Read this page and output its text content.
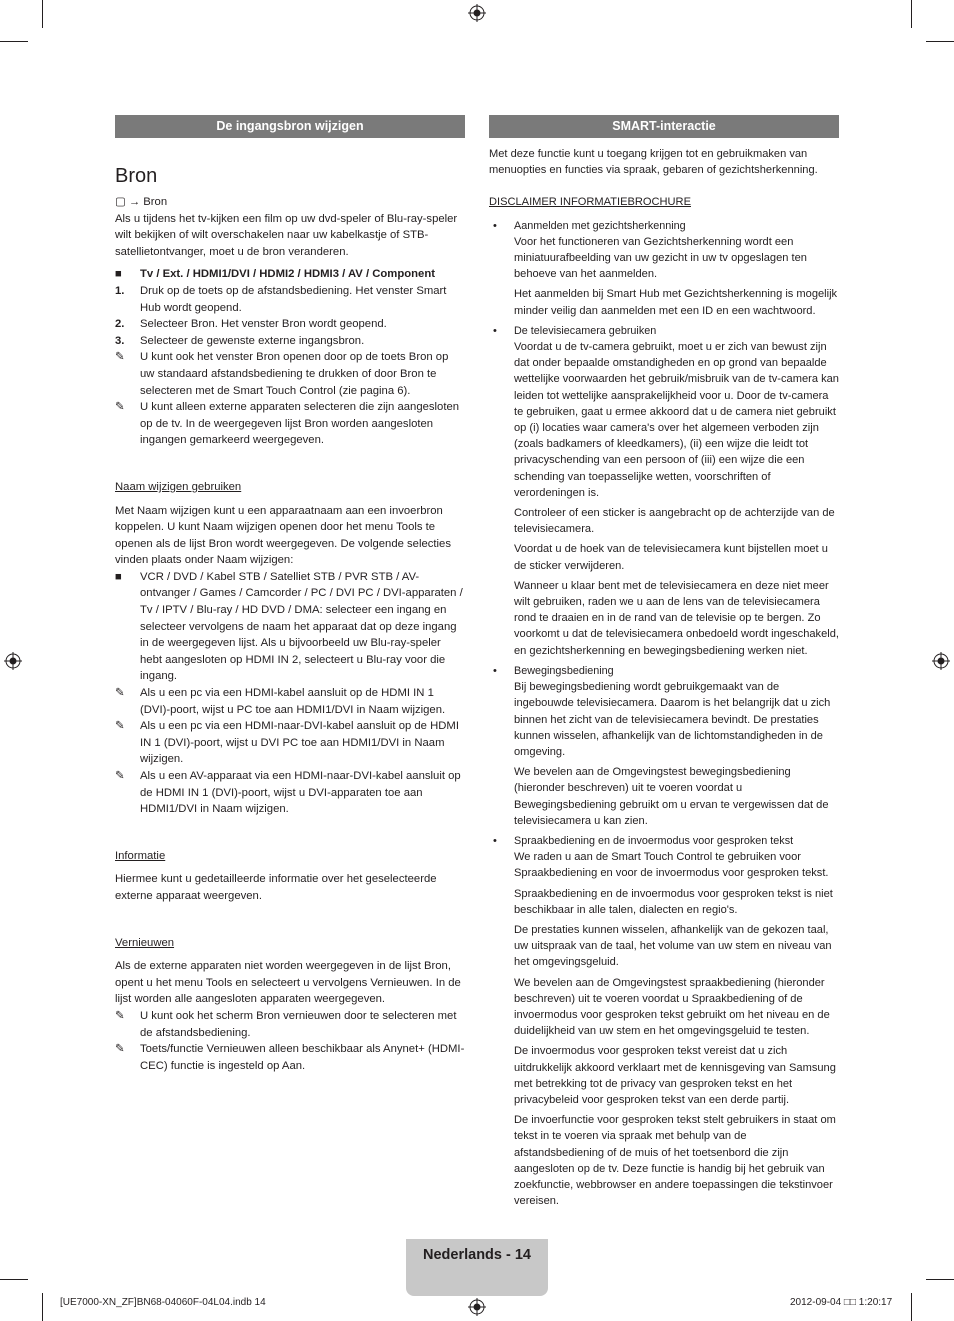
De ingangsbron wijzigen
Bron

▢ → Bron

Als u tijdens het tv-kijken een film op uw dvd-speler of Blu-ray-speler wilt bekijken of wilt overschakelen naar uw kabelkastje of STB-satellietontvanger, moet u de bron veranderen.

■	Tv / Ext. / HDMI1/DVI / HDMI2 / HDMI3 / AV / Component
1.	Druk op de toets op de afstandsbediening. Het venster Smart Hub wordt geopend.
2.	Selecteer Bron. Het venster Bron wordt geopend.
3.	Selecteer de gewenste externe ingangsbron.
✎	U kunt ook het venster Bron openen door op de toets Bron op uw standaard afstandsbediening te drukken of door Bron te selecteren met de Smart Touch Control (zie pagina 6).
✎	U kunt alleen externe apparaten selecteren die zijn aangesloten op de tv. In de weergegeven lijst Bron worden aangesloten ingangen gemarkeerd weergegeven.
Naam wijzigen gebruiken

Met Naam wijzigen kunt u een apparaatnaam aan een invoerbron koppelen. U kunt Naam wijzigen openen door het menu Tools te openen als de lijst Bron wordt weergegeven. De volgende selecties vinden plaats onder Naam wijzigen:

■	VCR / DVD / Kabel STB / Satelliet STB / PVR STB / AV-ontvanger / Games / Camcorder / PC / DVI PC / DVI-apparaten / Tv / IPTV / Blu-ray / HD DVD / DMA: selecteer een ingang en selecteer vervolgens de naam het apparaat dat op deze ingang in de weergegeven lijst. Als u bijvoorbeeld uw Blu-ray-speler hebt aangesloten op HDMI IN 2, selecteert u Blu-ray voor die ingang.
✎	Als u een pc via een HDMI-kabel aansluit op de HDMI IN 1 (DVI)-poort, wijst u PC toe aan HDMI1/DVI in Naam wijzigen.
✎	Als u een pc via een HDMI-naar-DVI-kabel aansluit op de HDMI IN 1 (DVI)-poort, wijst u DVI PC toe aan HDMI1/DVI in Naam wijzigen.
✎	Als u een AV-apparaat via een HDMI-naar-DVI-kabel aansluit op de HDMI IN 1 (DVI)-poort, wijst u DVI-apparaten toe aan HDMI1/DVI in Naam wijzigen.
Informatie

Hiermee kunt u gedetailleerde informatie over het geselecteerde externe apparaat weergeven.

Vernieuwen

Als de externe apparaten niet worden weergegeven in de lijst Bron, opent u het menu Tools en selecteert u vervolgens Vernieuwen. In de lijst worden alle aangesloten apparaten weergegeven.

✎	U kunt ook het scherm Bron vernieuwen door te selecteren met de afstandsbediening.
✎	Toets/functie Vernieuwen alleen beschikbaar als Anynet+ (HDMI-CEC) functie is ingesteld op Aan.
SMART-interactie

Met deze functie kunt u toegang krijgen tot en gebruikmaken van menuopties en functies via spraak, gebaren of gezichtsherkenning.

DISCLAIMER INFORMATIEBROCHURE
•	Aanmelden met gezichtsherkenning

Voor het functioneren van Gezichtsherkenning wordt een miniatuurafbeelding van uw gezicht in uw tv opgeslagen ten behoeve van het aanmelden.

Het aanmelden bij Smart Hub met Gezichtsherkenning is mogelijk minder veilig dan aanmelden met een ID en een wachtwoord.

•	De televisiecamera gebruiken

Voordat u de tv-camera gebruikt, moet u er zich van bewust zijn dat onder bepaalde omstandigheden en op grond van bepaalde wettelijke voorwaarden het gebruik/misbruik van de tv-camera kan leiden tot wettelijke aansprakelijkheid voor u. Door de tv-camera te gebruiken, gaat u ermee akkoord dat u de camera niet gebruikt op (i) locaties waar camera's over het algemeen verboden zijn (zoals badkamers of kleedkamers), (ii) een wijze die leidt tot privacyschending van een persoon of (iii) een wijze die een schending van toepasselijke wetten, voorschriften of verordeningen is.

Controleer of een sticker is aangebracht op de achterzijde van de televisiecamera.

Voordat u de hoek van de televisiecamera kunt bijstellen moet u de sticker verwijderen.

Wanneer u klaar bent met de televisiecamera en deze niet meer wilt gebruiken, raden we u aan de lens van de televisiecamera rond te draaien en in de rand van de televisie op te bergen. Zo voorkomt u dat de televisiecamera onbedoeld wordt ingeschakeld, en gezichtsherkenning en bewegingsbediening werken niet.

•	Bewegingsbediening

Bij bewegingsbediening wordt gebruikgemaakt van de ingebouwde televisiecamera. Daarom is het belangrijk dat u zich binnen het zicht van de televisiecamera bevindt. De prestaties kunnen wisselen, afhankelijk van de lichtomstandigheden in de omgeving.

We bevelen aan de Omgevingstest bewegingsbediening (hieronder beschreven) uit te voeren voordat u Bewegingsbediening gebruikt om u ervan te vergewissen dat de televisiecamera u kan zien.

•	Spraakbediening en de invoermodus voor gesproken tekst

We raden u aan de Smart Touch Control te gebruiken voor Spraakbediening en voor de invoermodus voor gesproken tekst.

Spraakbediening en de invoermodus voor gesproken tekst is niet beschikbaar in alle talen, dialecten en regio's.

De prestaties kunnen wisselen, afhankelijk van de gekozen taal, uw uitspraak van de taal, het volume van uw stem en niveau van het omgevingsgeluid.

We bevelen aan de Omgevingstest spraakbediening (hieronder beschreven) uit te voeren voordat u Spraakbediening of de invoermodus voor gesproken tekst gebruikt om het niveau en de duidelijkheid van uw stem en het omgevingsgeluid te testen.

De invoermodus voor gesproken tekst vereist dat u zich uitdrukkelijk akkoord verklaart met de kennisgeving van Samsung met betrekking tot de privacy van gesproken tekst en het privacybeleid voor gesproken tekst van een derde partij.

De invoerfunctie voor gesproken tekst stelt gebruikers in staat om tekst in te voeren via spraak met behulp van de afstandsbediening of de muis of het toetsenbord die zijn aangesloten op de tv. Deze functie is handig bij het gebruik van zoekfunctie, webbrowser en andere toepassingen die tekstinvoer vereisen.

Nederlands - 14
[UE7000-XN_ZF]BN68-04060F-04L04.indb 14	2012-09-04 □□ 1:20:17
